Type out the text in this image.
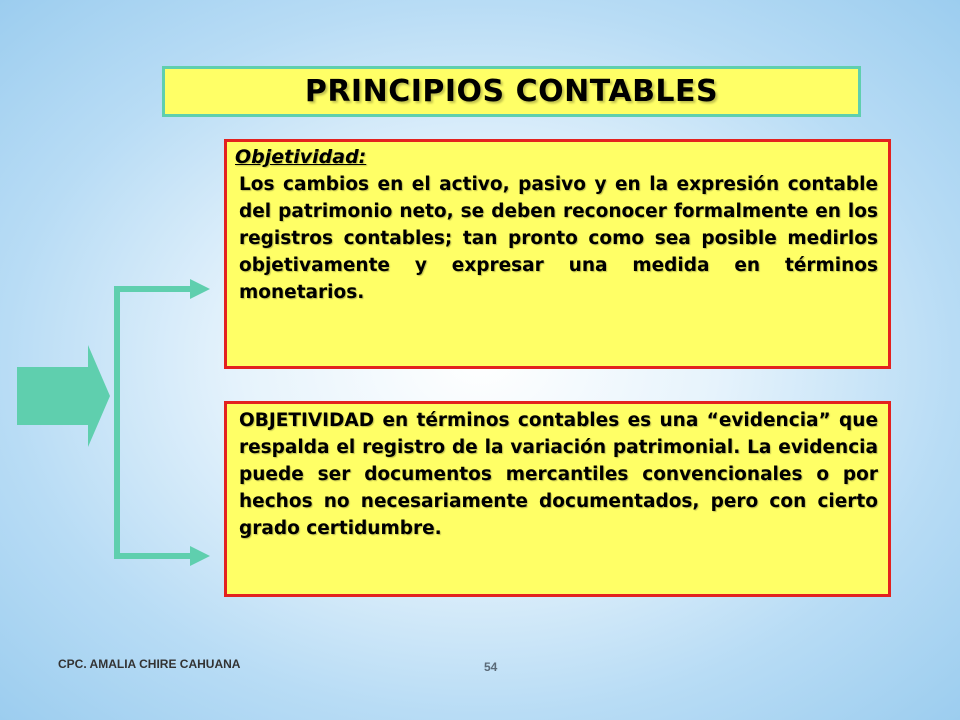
PRINCIPIOS CONTABLES
Objetividad:
Los cambios en el activo, pasivo y en la expresión contable del patrimonio neto, se deben reconocer formalmente en los registros contables; tan pronto como sea posible medirlos objetivamente y expresar una medida en términos monetarios.
OBJETIVIDAD en términos contables es una “evidencia” que respalda el registro de la variación patrimonial. La evidencia puede ser documentos mercantiles convencionales o por hechos no necesariamente documentados, pero con cierto grado certidumbre.
CPC. AMALIA CHIRE CAHUANA	54
